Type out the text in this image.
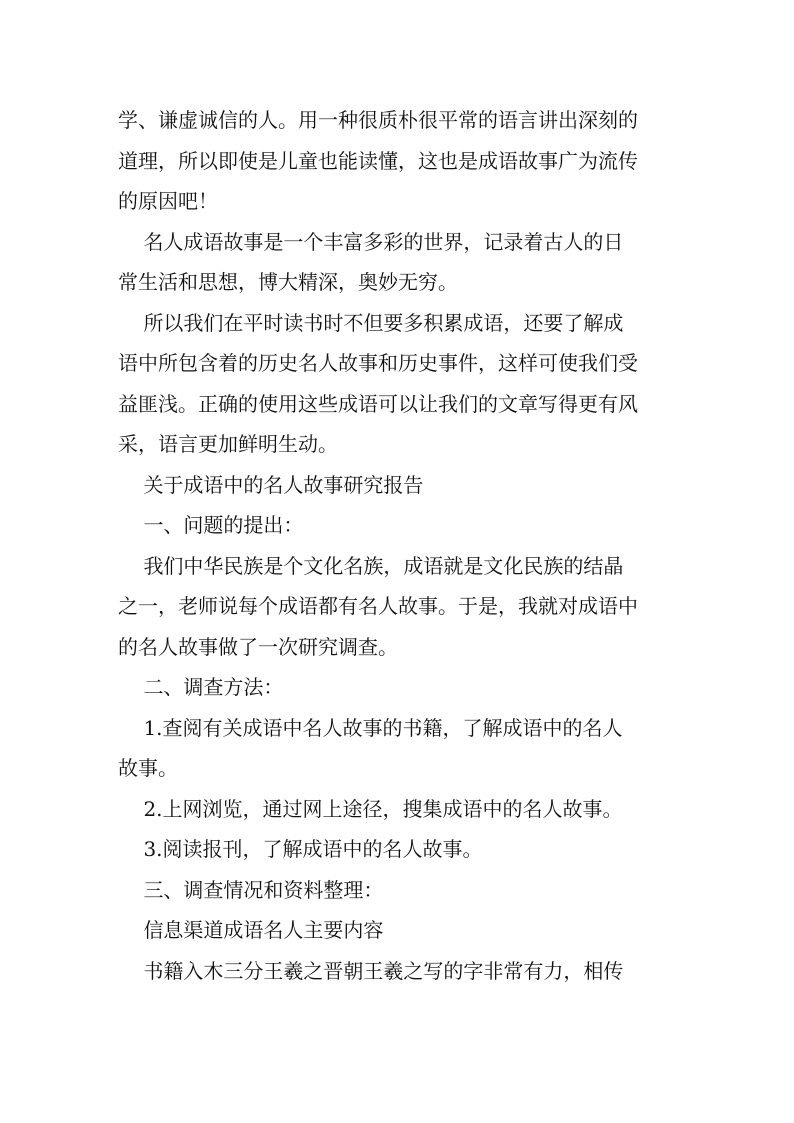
学、谦虚诚信的人。用一种很质朴很平常的语言讲出深刻的
道理，所以即使是儿童也能读懂，这也是成语故事广为流传
的原因吧！

名人成语故事是一个丰富多彩的世界，记录着古人的日
常生活和思想，博大精深，奥妙无穷。

所以我们在平时读书时不但要多积累成语，还要了解成
语中所包含着的历史名人故事和历史事件，这样可使我们受
益匪浅。正确的使用这些成语可以让我们的文章写得更有风
采，语言更加鲜明生动。

关于成语中的名人故事研究报告

一、问题的提出：

我们中华民族是个文化名族，成语就是文化民族的结晶
之一，老师说每个成语都有名人故事。于是，我就对成语中
的名人故事做了一次研究调查。

二、调查方法：

1.查阅有关成语中名人故事的书籍，了解成语中的名人
故事。

2.上网浏览，通过网上途径，搜集成语中的名人故事。

3.阅读报刊，了解成语中的名人故事。

三、调查情况和资料整理：

信息渠道成语名人主要内容

书籍入木三分王羲之晋朝王羲之写的字非常有力，相传
